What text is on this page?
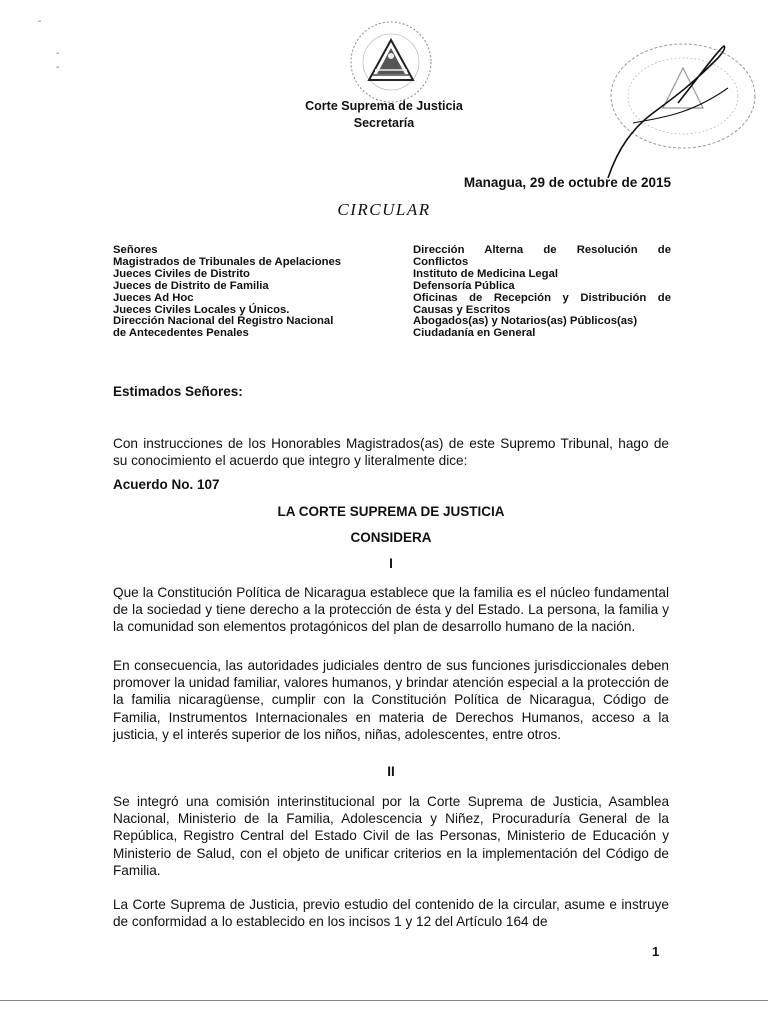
-
-
-
Corte Suprema de Justicia
Secretaría
Managua, 29 de octubre de 2015
CIRCULAR
Señores
Magistrados de Tribunales de Apelaciones
Jueces Civiles de Distrito
Jueces de Distrito de Familia
Jueces Ad Hoc
Jueces Civiles Locales y Únicos.
Dirección Nacional del Registro Nacional
de Antecedentes Penales
Dirección Alterna de Resolución de
Conflictos
Instituto de Medicina Legal
Defensoría Pública
Oficinas de Recepción y Distribución de
Causas y Escritos
Abogados(as) y Notarios(as) Públicos(as)
Ciudadanía en General
Estimados Señores:

Con instrucciones de los Honorables Magistrados(as) de este Supremo Tribunal, hago de su conocimiento el acuerdo que integro y literalmente dice:

Acuerdo No. 107
LA CORTE SUPREMA DE JUSTICIA
CONSIDERA
I

Que la Constitución Política de Nicaragua establece que la familia es el núcleo fundamental de la sociedad y tiene derecho a la protección de ésta y del Estado. La persona, la familia y la comunidad son elementos protagónicos del plan de desarrollo humano de la nación.

En consecuencia, las autoridades judiciales dentro de sus funciones jurisdiccionales deben promover la unidad familiar, valores humanos, y brindar atención especial a la protección de la familia nicaragüense, cumplir con la Constitución Política de Nicaragua, Código de Familia, Instrumentos Internacionales en materia de Derechos Humanos, acceso a la justicia, y el interés superior de los niños, niñas, adolescentes, entre otros.

II

Se integró una comisión interinstitucional por la Corte Suprema de Justicia, Asamblea Nacional, Ministerio de la Familia, Adolescencia y Niñez, Procuraduría General de la República, Registro Central del Estado Civil de las Personas, Ministerio de Educación y Ministerio de Salud, con el objeto de unificar criterios en la implementación del Código de Familia.

La Corte Suprema de Justicia, previo estudio del contenido de la circular, asume e instruye de conformidad a lo establecido en los incisos 1 y 12 del Artículo 164 de

1
